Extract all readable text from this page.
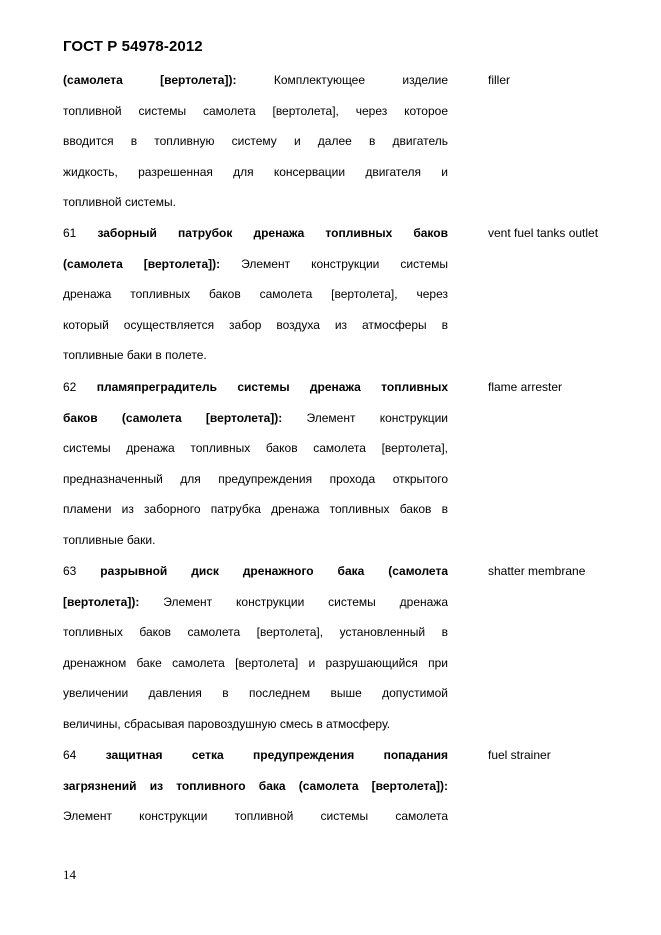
ГОСТ Р 54978-2012
(самолета [вертолета]): Комплектующее изделие
топливной системы самолета [вертолета], через которое
вводится в топливную систему и далее в двигатель
жидкость, разрешенная для консервации двигателя и
топливной системы.
filler
61 заборный патрубок дренажа топливных баков
(самолета [вертолета]): Элемент конструкции системы
дренажа топливных баков самолета [вертолета], через
который осуществляется забор воздуха из атмосферы в
топливные баки в полете.
vent fuel tanks outlet
62 пламяпреградитель системы дренажа топливных
баков (самолета [вертолета]): Элемент конструкции
системы дренажа топливных баков самолета [вертолета],
предназначенный для предупреждения прохода открытого
пламени из заборного патрубка дренажа топливных баков в
топливные баки.
flame arrester
63 разрывной диск дренажного бака (самолета
[вертолета]): Элемент конструкции системы дренажа
топливных баков самолета [вертолета], установленный в
дренажном баке самолета [вертолета] и разрушающийся при
увеличении давления в последнем выше допустимой
величины, сбрасывая паровоздушную смесь в атмосферу.
shatter membrane
64 защитная сетка предупреждения попадания
загрязнений из топливного бака (самолета [вертолета]):
Элемент конструкции топливной системы самолета
fuel strainer
14
